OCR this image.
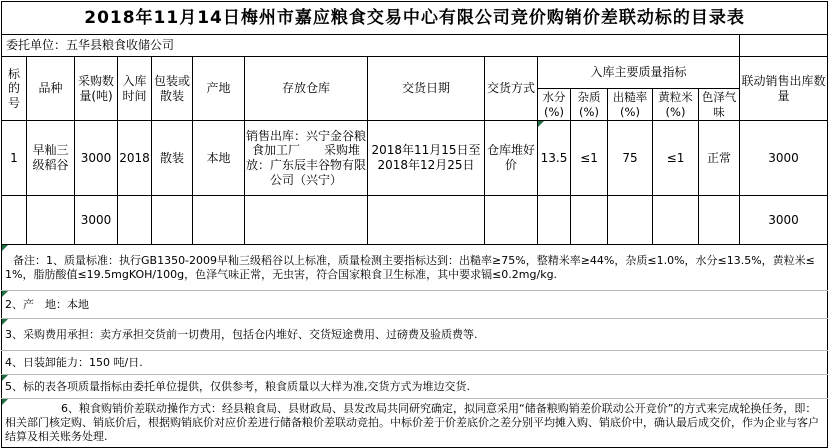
2018年11月14日梅州市嘉应粮食交易中心有限公司竞价购销价差联动标的目录表														
委托单位：五华县粮食收储公司														
标的号	品种	采购数量(吨)	入库时间	包装或散装	产地	存放仓库	交货日期	交货方式	入库主要质量指标					联动销售出库数量
									水分(%)	杂质(%)	出糙率(%)	黄粒米(%)	色泽气味	
1	早籼三级稻谷	3000	2018	散装	本地	销售出库：兴宁金谷粮食加工厂　　采购堆放：广东辰丰谷物有限公司（兴宁）	2018年11月15日至2018年12月25日	仓库堆好价	13.5	≤1	75	≤1	正常	3000
		3000												3000

备注：1、质量标准：执行GB1350-2009早籼三级稻谷以上标准，质量检测主要指标达到：出糙率≥75%，整精米率≥44%，杂质≤1.0%，水分≤13.5%，黄粒米≤1%，脂肪酸值≤19.5mgKOH/100g，色泽气味正常，无虫害，符合国家粮食卫生标准，其中要求镉≤0.2mg/kg.														

2、产　地：本地														

3、采购费用承担：卖方承担交货前一切费用，包括仓内堆好、交货短途费用、过磅费及验质费等.														
4、日装卸能力：150 吨/日.														

5、标的表各项质量指标由委托单位提供，仅供参考，粮食质量以大样为准,交货方式为堆边交货.														

6、粮食购销价差联动操作方式：经县粮食局、县财政局、县发改局共同研究确定，拟同意采用“储备粮购销差价联动公开竞价”的方式来完成轮换任务，即：相关部门核定购、销底价后，根据购销底价对应价差进行储备粮价差联动竞拍。中标价差于价差底价之差分别平均摊入购、销底价中，确认最后成交价，作为企业与客户结算及相关账务处理.														
